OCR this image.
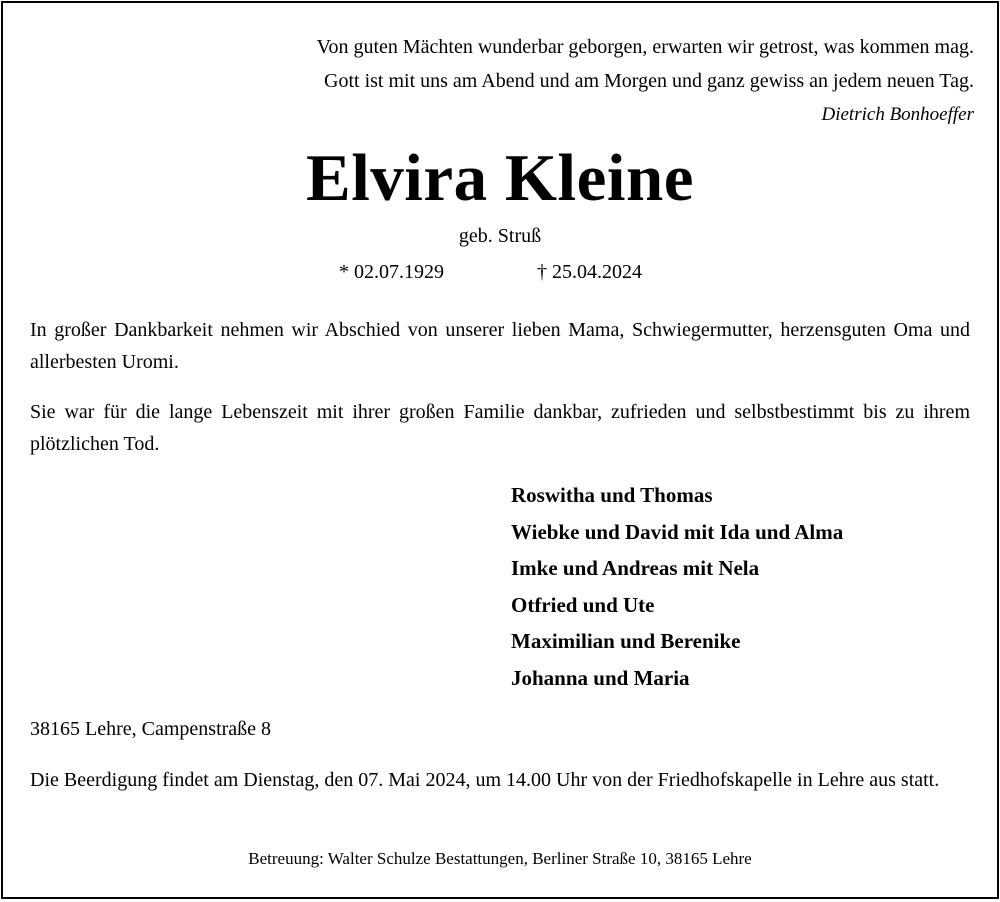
Von guten Mächten wunderbar geborgen, erwarten wir getrost, was kommen mag.
Gott ist mit uns am Abend und am Morgen und ganz gewiss an jedem neuen Tag.
Dietrich Bonhoeffer
Elvira Kleine
geb. Struß
* 02.07.1929	† 25.04.2024
In großer Dankbarkeit nehmen wir Abschied von unserer lieben Mama, Schwiegermutter, herzensguten Oma und allerbesten Uromi.
Sie war für die lange Lebenszeit mit ihrer großen Familie dankbar, zufrieden und selbstbestimmt bis zu ihrem plötzlichen Tod.
Roswitha und Thomas
Wiebke und David mit Ida und Alma
Imke und Andreas mit Nela
Otfried und Ute
Maximilian und Berenike
Johanna und Maria
38165 Lehre, Campenstraße 8
Die Beerdigung findet am Dienstag, den 07. Mai 2024, um 14.00 Uhr von der Friedhofskapelle in Lehre aus statt.
Betreuung: Walter Schulze Bestattungen, Berliner Straße 10, 38165 Lehre
